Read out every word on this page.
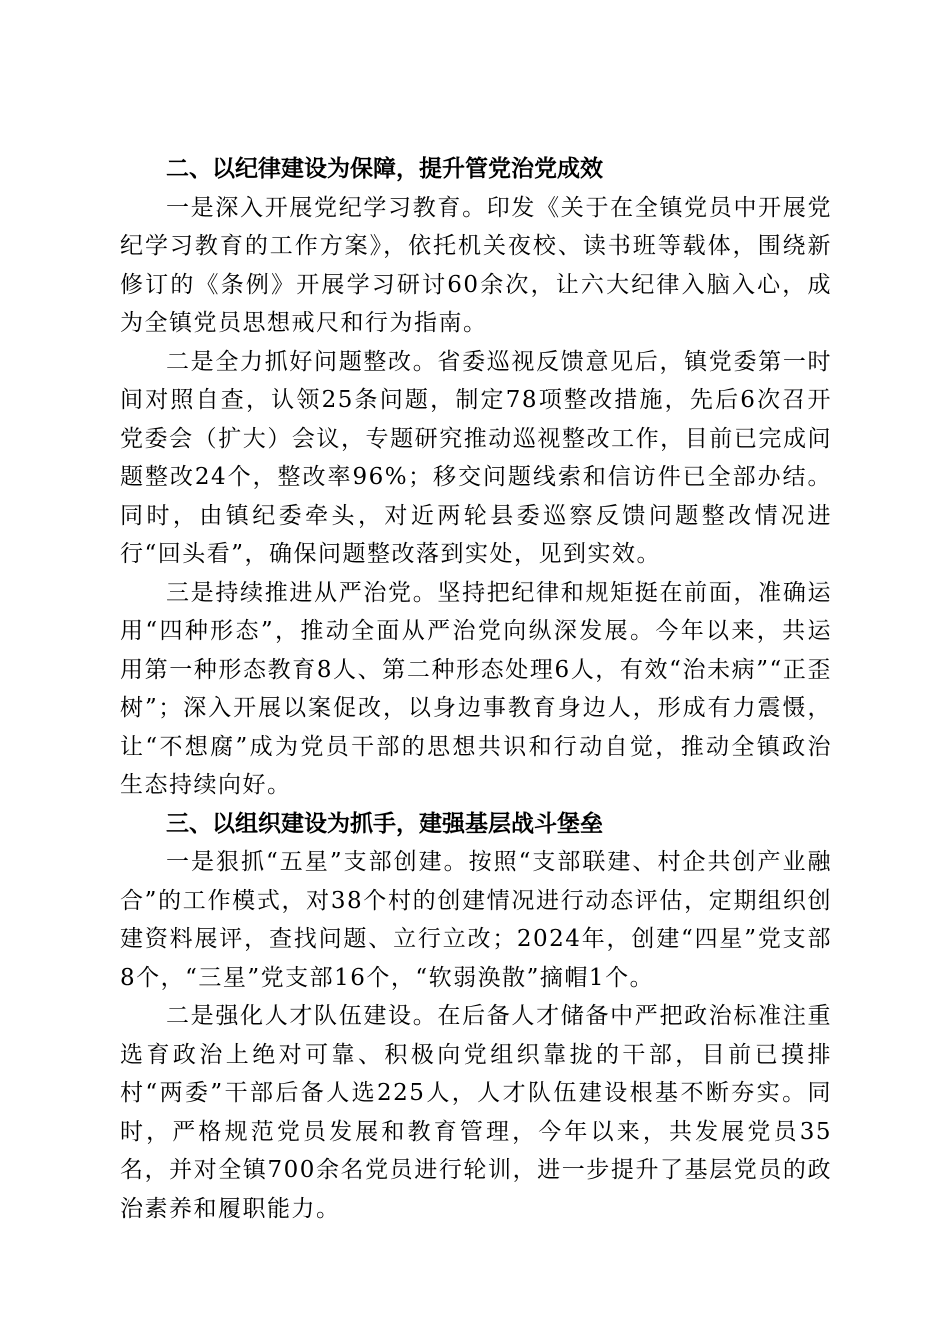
二、以纪律建设为保障，提升管党治党成效

一是深入开展党纪学习教育。印发《关于在全镇党员中开展党纪学习教育的工作方案》，依托机关夜校、读书班等载体，围绕新修订的《条例》开展学习研讨60余次，让六大纪律入脑入心，成为全镇党员思想戒尺和行为指南。

二是全力抓好问题整改。省委巡视反馈意见后，镇党委第一时间对照自查，认领25条问题，制定78项整改措施，先后6次召开党委会（扩大）会议，专题研究推动巡视整改工作，目前已完成问题整改24个，整改率96%；移交问题线索和信访件已全部办结。同时，由镇纪委牵头，对近两轮县委巡察反馈问题整改情况进行“回头看”，确保问题整改落到实处，见到实效。

三是持续推进从严治党。坚持把纪律和规矩挺在前面，准确运用“四种形态”，推动全面从严治党向纵深发展。今年以来，共运用第一种形态教育8人、第二种形态处理6人，有效“治未病”“正歪树”；深入开展以案促改，以身边事教育身边人，形成有力震慑，让“不想腐”成为党员干部的思想共识和行动自觉，推动全镇政治生态持续向好。

三、以组织建设为抓手，建强基层战斗堡垒

一是狠抓“五星”支部创建。按照“支部联建、村企共创产业融合”的工作模式，对38个村的创建情况进行动态评估，定期组织创建资料展评，查找问题、立行立改；2024年，创建“四星”党支部8个，“三星”党支部16个，“软弱涣散”摘帽1个。

二是强化人才队伍建设。在后备人才储备中严把政治标准注重选育政治上绝对可靠、积极向党组织靠拢的干部，目前已摸排村“两委”干部后备人选225人，人才队伍建设根基不断夯实。同时，严格规范党员发展和教育管理，今年以来，共发展党员35名，并对全镇700余名党员进行轮训，进一步提升了基层党员的政治素养和履职能力。
